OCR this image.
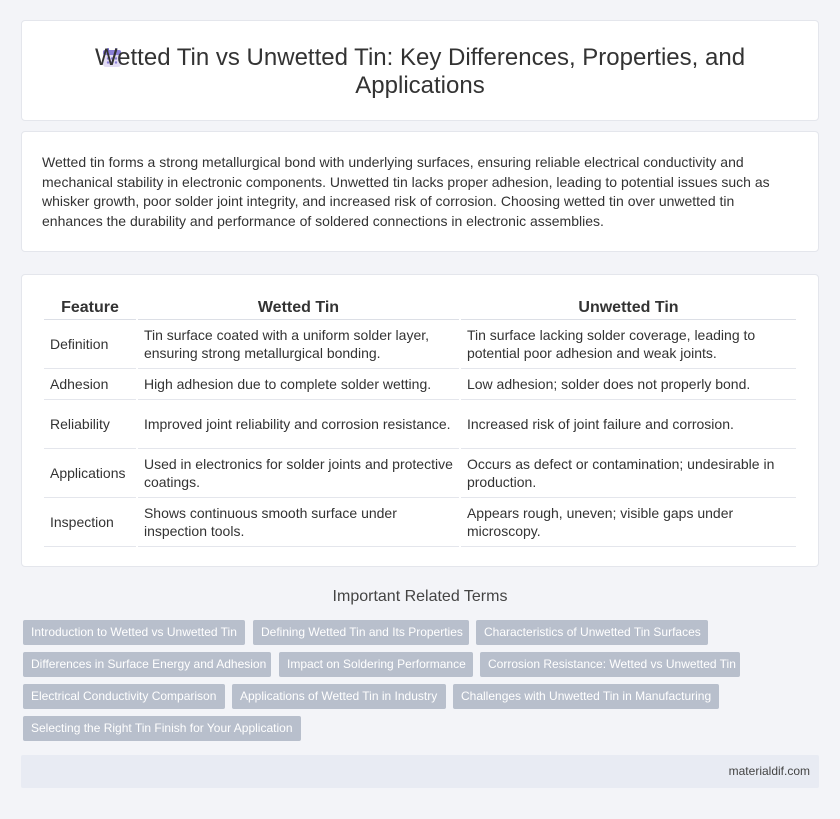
Wetted Tin vs Unwetted Tin: Key Differences, Properties, and Applications

Wetted tin forms a strong metallurgical bond with underlying surfaces, ensuring reliable electrical conductivity and mechanical stability in electronic components. Unwetted tin lacks proper adhesion, leading to potential issues such as whisker growth, poor solder joint integrity, and increased risk of corrosion. Choosing wetted tin over unwetted tin enhances the durability and performance of soldered connections in electronic assemblies.

Feature	Wetted Tin	Unwetted Tin
Definition	Tin surface coated with a uniform solder layer, ensuring strong metallurgical bonding.	Tin surface lacking solder coverage, leading to potential poor adhesion and weak joints.
Adhesion	High adhesion due to complete solder wetting.	Low adhesion; solder does not properly bond.
Reliability	Improved joint reliability and corrosion resistance.	Increased risk of joint failure and corrosion.
Applications	Used in electronics for solder joints and protective coatings.	Occurs as defect or contamination; undesirable in production.
Inspection	Shows continuous smooth surface under inspection tools.	Appears rough, uneven; visible gaps under microscopy.
Important Related Terms
Introduction to Wetted vs Unwetted Tin	Defining Wetted Tin and Its Properties	Characteristics of Unwetted Tin Surfaces
Differences in Surface Energy and Adhesion	Impact on Soldering Performance	Corrosion Resistance: Wetted vs Unwetted Tin
Electrical Conductivity Comparison	Applications of Wetted Tin in Industry	Challenges with Unwetted Tin in Manufacturing
Selecting the Right Tin Finish for Your Application
materialdif.com
